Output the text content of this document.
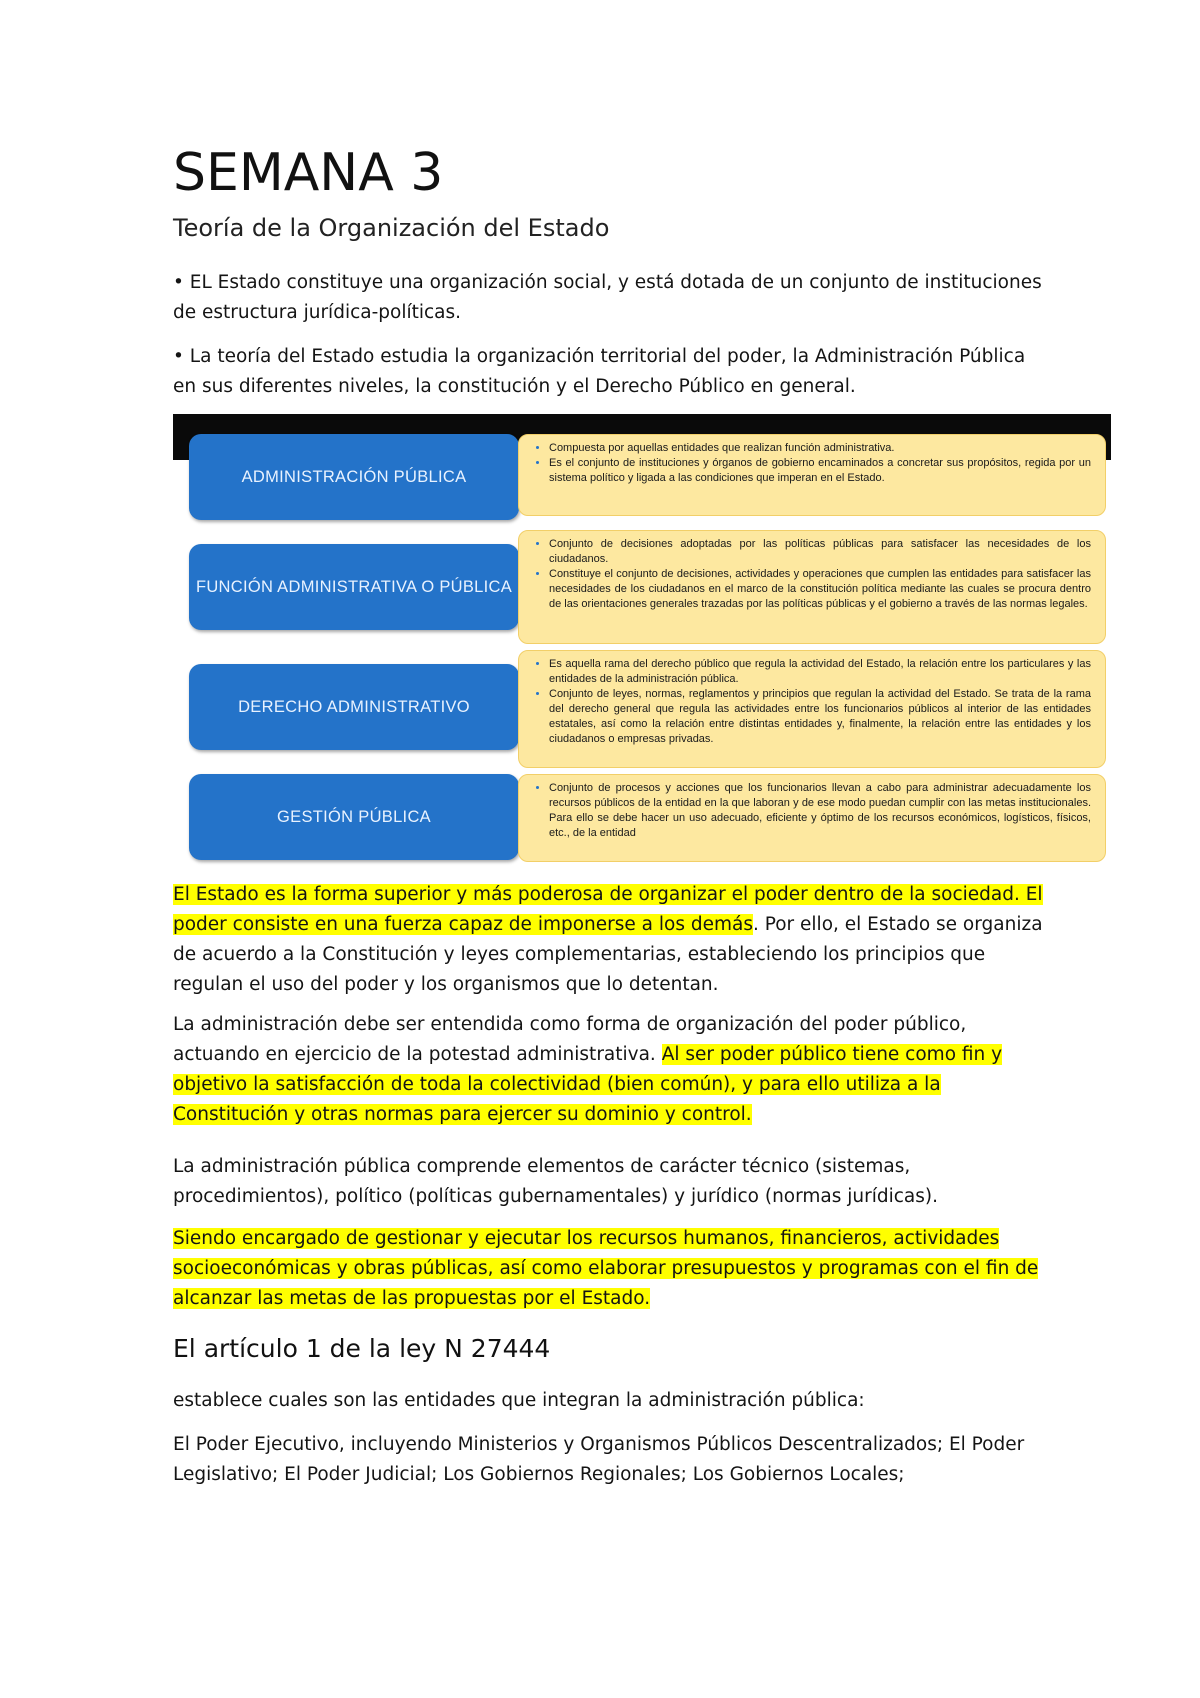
SEMANA 3
Teoría de la Organización del Estado

• EL Estado constituye una organización social, y está dotada de un conjunto de instituciones de estructura jurídica-políticas.

• La teoría del Estado estudia la organización territorial del poder, la Administración Pública en sus diferentes niveles, la constitución y el Derecho Público en general.

ADMINISTRACIÓN PÚBLICA
• Compuesta por aquellas entidades que realizan función administrativa.
• Es el conjunto de instituciones y órganos de gobierno encaminados a concretar sus propósitos, regida por un sistema político y ligada a las condiciones que imperan en el Estado.
FUNCIÓN ADMINISTRATIVA O PÚBLICA
• Conjunto de decisiones adoptadas por las políticas públicas para satisfacer las necesidades de los ciudadanos.
• Constituye el conjunto de decisiones, actividades y operaciones que cumplen las entidades para satisfacer las necesidades de los ciudadanos en el marco de la constitución política mediante las cuales se procura dentro de las orientaciones generales trazadas por las políticas públicas y el gobierno a través de las normas legales.
DERECHO ADMINISTRATIVO
• Es aquella rama del derecho público que regula la actividad del Estado, la relación entre los particulares y las entidades de la administración pública.
• Conjunto de leyes, normas, reglamentos y principios que regulan la actividad del Estado. Se trata de la rama del derecho general que regula las actividades entre los funcionarios públicos al interior de las entidades estatales, así como la relación entre distintas entidades y, finalmente, la relación entre las entidades y los ciudadanos o empresas privadas.
GESTIÓN PÚBLICA
• Conjunto de procesos y acciones que los funcionarios llevan a cabo para administrar adecuadamente los recursos públicos de la entidad en la que laboran y de ese modo puedan cumplir con las metas institucionales. Para ello se debe hacer un uso adecuado, eficiente y óptimo de los recursos económicos, logísticos, físicos, etc., de la entidad

El Estado es la forma superior y más poderosa de organizar el poder dentro de la sociedad. El poder consiste en una fuerza capaz de imponerse a los demás. Por ello, el Estado se organiza de acuerdo a la Constitución y leyes complementarias, estableciendo los principios que regulan el uso del poder y los organismos que lo detentan.

La administración debe ser entendida como forma de organización del poder público, actuando en ejercicio de la potestad administrativa. Al ser poder público tiene como fin y objetivo la satisfacción de toda la colectividad (bien común), y para ello utiliza a la Constitución y otras normas para ejercer su dominio y control.

La administración pública comprende elementos de carácter técnico (sistemas, procedimientos), político (políticas gubernamentales) y jurídico (normas jurídicas).

Siendo encargado de gestionar y ejecutar los recursos humanos, financieros, actividades socioeconómicas y obras públicas, así como elaborar presupuestos y programas con el fin de alcanzar las metas de las propuestas por el Estado.

El artículo 1 de la ley N 27444

establece cuales son las entidades que integran la administración pública:

El Poder Ejecutivo, incluyendo Ministerios y Organismos Públicos Descentralizados; El Poder Legislativo; El Poder Judicial; Los Gobiernos Regionales; Los Gobiernos Locales;
